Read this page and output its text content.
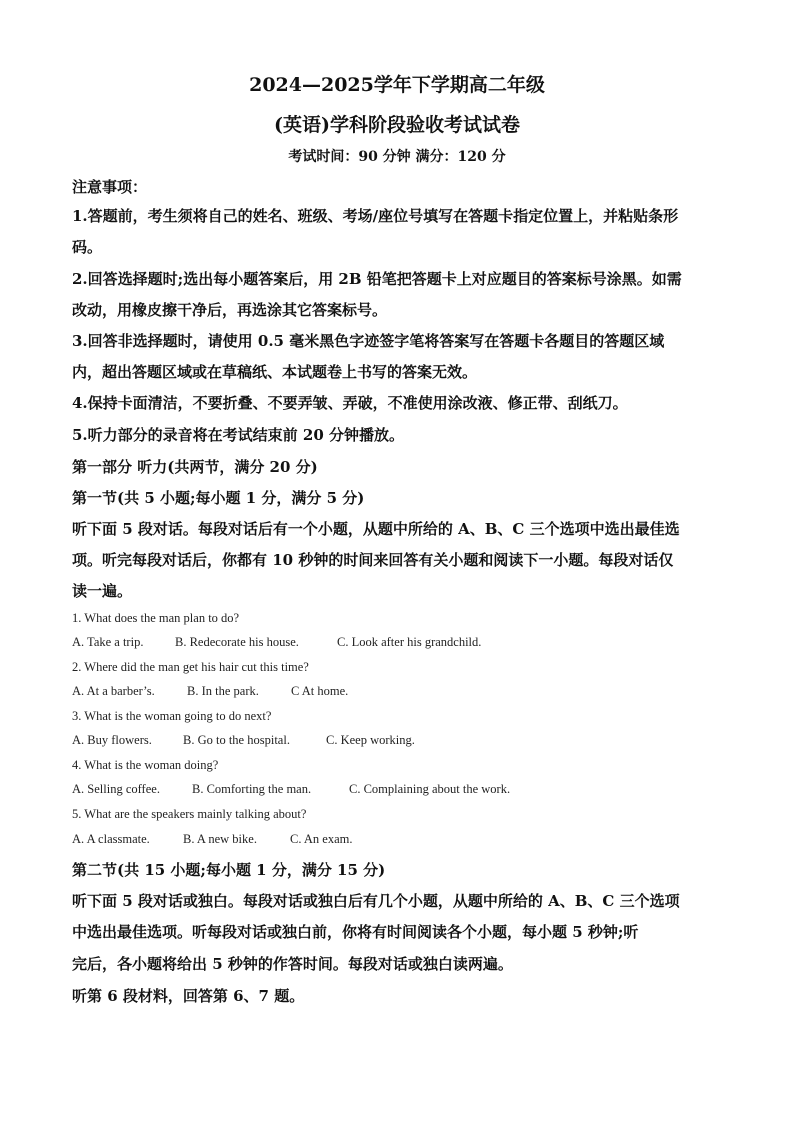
2024—2025学年下学期高二年级
(英语)学科阶段验收考试试卷
考试时间：90 分钟 满分：120 分
注意事项：
1.答题前，考生须将自己的姓名、班级、考场/座位号填写在答题卡指定位置上，并粘贴条形
码。
2.回答选择题时;选出每小题答案后，用 2B 铅笔把答题卡上对应题目的答案标号涂黑。如需
改动，用橡皮擦干净后，再选涂其它答案标号。
3.回答非选择题时，请使用 0.5 毫米黑色字迹签字笔将答案写在答题卡各题目的答题区域
内，超出答题区域或在草稿纸、本试题卷上书写的答案无效。
4.保持卡面清洁，不要折叠、不要弄皱、弄破，不准使用涂改液、修正带、刮纸刀。
5.听力部分的录音将在考试结束前 20 分钟播放。
第一部分 听力(共两节，满分 20 分)
第一节(共 5 小题;每小题 1 分，满分 5 分)
听下面 5 段对话。每段对话后有一个小题，从题中所给的 A、B、C 三个选项中选出最佳选
项。听完每段对话后，你都有 10 秒钟的时间来回答有关小题和阅读下一小题。每段对话仅
读一遍。
1. What does the man plan to do?
A. Take a trip.	B. Redecorate his house.	C. Look after his grandchild.
2. Where did the man get his hair cut this time?
A. At a barber’s.	B. In the park.	C At home.
3. What is the woman going to do next?
A. Buy flowers. B. Go to the hospital.	C. Keep working.
4. What is the woman doing?
A. Selling coffee.	B. Comforting the man.	C. Complaining about the work.
5. What are the speakers mainly talking about?
A. A classmate.	B. A new bike.	C. An exam.
第二节(共 15 小题;每小题 1 分，满分 15 分)
听下面 5 段对话或独白。每段对话或独白后有几个小题，从题中所给的 A、B、C 三个选项
中选出最佳选项。听每段对话或独白前，你将有时间阅读各个小题，每小题 5 秒钟;听
完后，各小题将给出 5 秒钟的作答时间。每段对话或独白读两遍。
听第 6 段材料，回答第 6、7 题。
